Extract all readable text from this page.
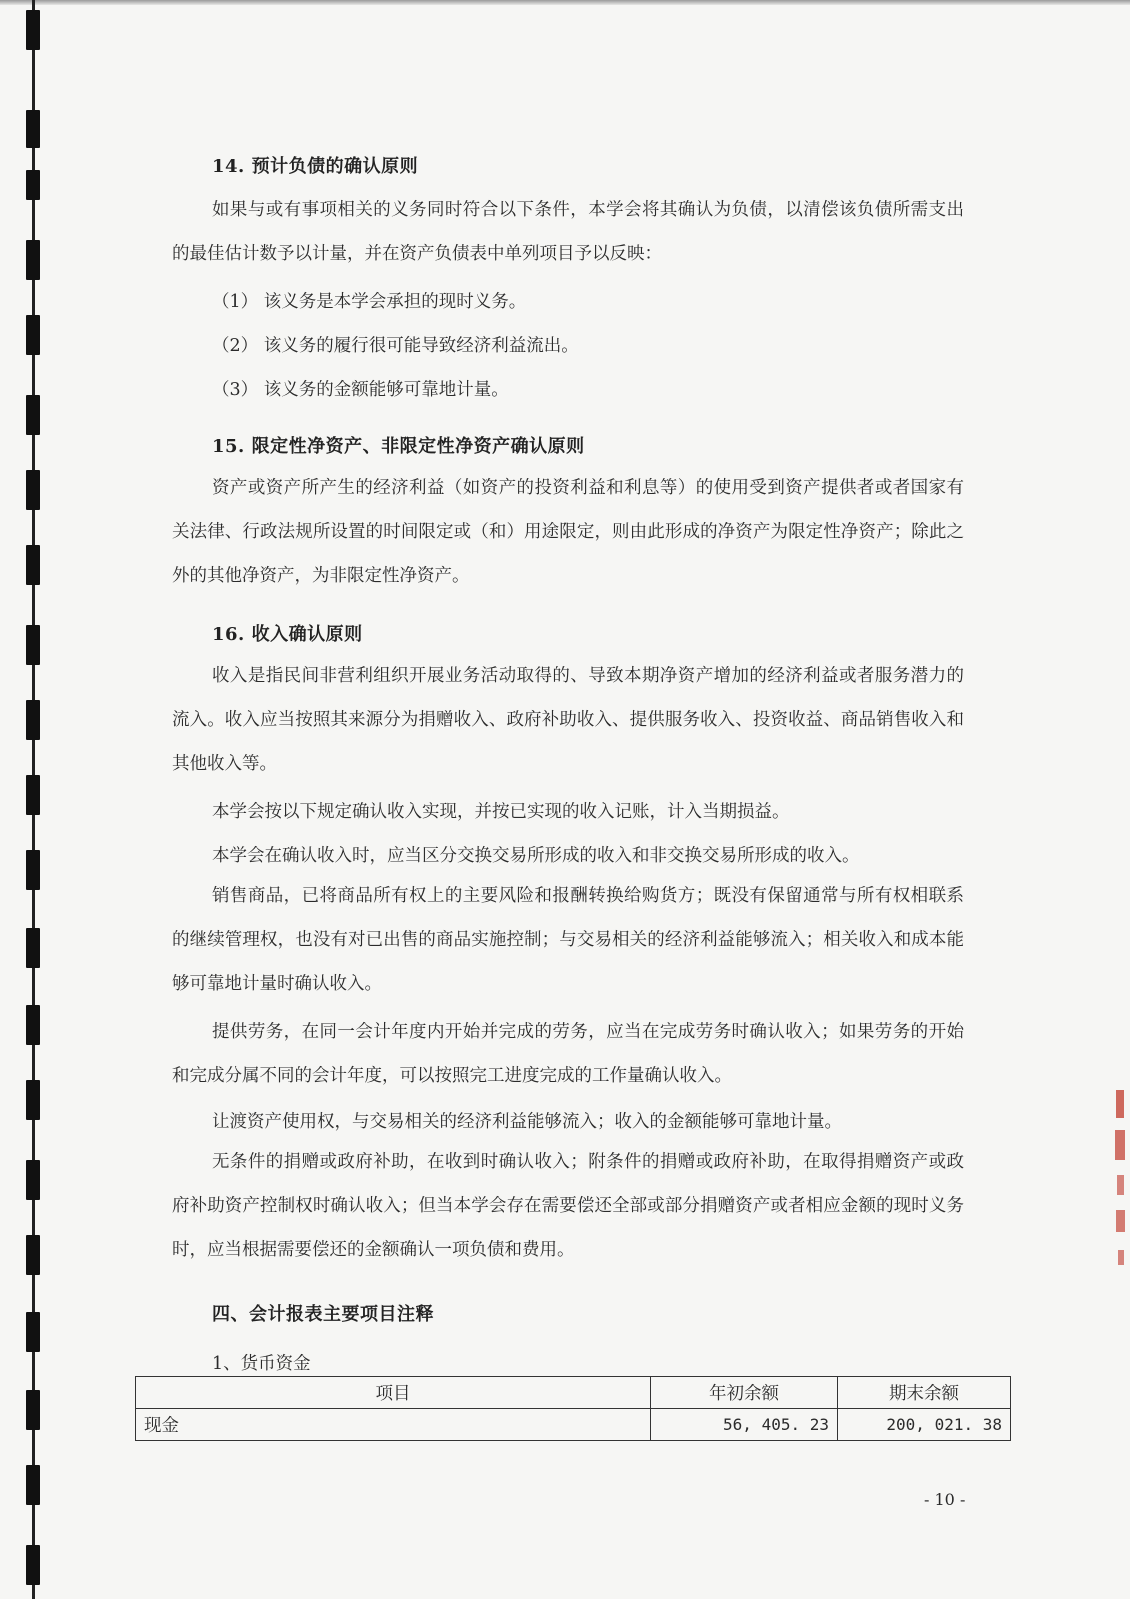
14. 预计负债的确认原则
如果与或有事项相关的义务同时符合以下条件，本学会将其确认为负债，以清偿该负债所需支出的最佳估计数予以计量，并在资产负债表中单列项目予以反映：
（1） 该义务是本学会承担的现时义务。
（2） 该义务的履行很可能导致经济利益流出。
（3） 该义务的金额能够可靠地计量。
15. 限定性净资产、非限定性净资产确认原则
资产或资产所产生的经济利益（如资产的投资利益和利息等）的使用受到资产提供者或者国家有关法律、行政法规所设置的时间限定或（和）用途限定，则由此形成的净资产为限定性净资产；除此之外的其他净资产，为非限定性净资产。
16. 收入确认原则
收入是指民间非营利组织开展业务活动取得的、导致本期净资产增加的经济利益或者服务潜力的流入。收入应当按照其来源分为捐赠收入、政府补助收入、提供服务收入、投资收益、商品销售收入和其他收入等。
本学会按以下规定确认收入实现，并按已实现的收入记账，计入当期损益。
本学会在确认收入时，应当区分交换交易所形成的收入和非交换交易所形成的收入。
销售商品，已将商品所有权上的主要风险和报酬转换给购货方；既没有保留通常与所有权相联系的继续管理权，也没有对已出售的商品实施控制；与交易相关的经济利益能够流入；相关收入和成本能够可靠地计量时确认收入。
提供劳务，在同一会计年度内开始并完成的劳务，应当在完成劳务时确认收入；如果劳务的开始和完成分属不同的会计年度，可以按照完工进度完成的工作量确认收入。
让渡资产使用权，与交易相关的经济利益能够流入；收入的金额能够可靠地计量。
无条件的捐赠或政府补助，在收到时确认收入；附条件的捐赠或政府补助，在取得捐赠资产或政府补助资产控制权时确认收入；但当本学会存在需要偿还全部或部分捐赠资产或者相应金额的现时义务时，应当根据需要偿还的金额确认一项负债和费用。
四、会计报表主要项目注释
1、货币资金
项目	年初余额	期末余额
现金	56, 405. 23	200, 021. 38
- 10 -
